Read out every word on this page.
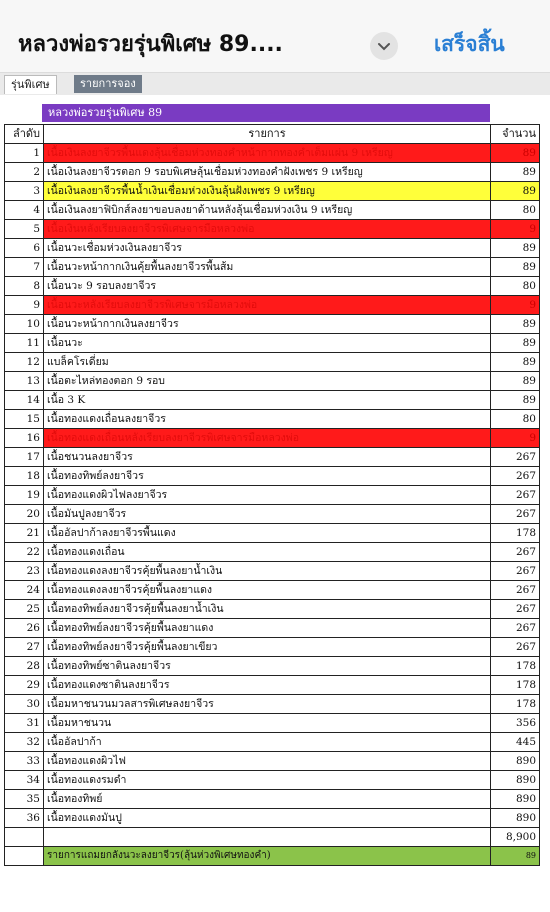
หลวงพ่อรวยรุ่นพิเศษ 89....	เสร็จสิ้น
รุ่นพิเศษ	รายการจอง
หลวงพ่อรวยรุ่นพิเศษ 89
ลำดับ	รายการ	จำนวน
1	เนื้อเงินลงยาจีวรพื้นแดงลุ้นเชื่อมห่วงทองคำหน้ากากทองคำเต็มแผ่น 9 เหรียญ	89
2	เนื้อเงินลงยาจีวรตอก 9 รอบพิเศษลุ้นเชื่อมห่วงทองคำฝังเพชร 9 เหรียญ	89
3	เนื้อเงินลงยาจีวรพื้นน้ำเงินเชื่อมห่วงเงินลุ้นฝังเพชร 9 เหรียญ	89
4	เนื้อเงินลงยาฟิบิกส์ลงยาขอบลงยาด้านหลังลุ้นเชื่อมห่วงเงิน 9 เหรียญ	80
5	เนื้อเงินหลังเรียบลงยาจีวรพิเศษจารมือหลวงพ่อ	9
6	เนื้อนวะเชื่อมห่วงเงินลงยาจีวร	89
7	เนื้อนวะหน้ากากเงินคุ้ยพื้นลงยาจีวรพื้นส้ม	89
8	เนื้อนวะ 9 รอบลงยาจีวร	80
9	เนื้อนวะหลังเรียบลงยาจีวรพิเศษจารมือหลวงพ่อ	9
10	เนื้อนวะหน้ากากเงินลงยาจีวร	89
11	เนื้อนวะ	89
12	แบล็คโรเดี่ยม	89
13	เนื้อตะไหล่ทองตอก 9 รอบ	89
14	เนื้อ 3 K	89
15	เนื้อทองแดงเถื่อนลงยาจีวร	80
16	เนื้อทองแดงเถื่อนหลังเรียบลงยาจีวรพิเศษจารมือหลวงพ่อ	9
17	เนื้อชนวนลงยาจีวร	267
18	เนื้อทองทิพย์ลงยาจีวร	267
19	เนื้อทองแดงผิวไฟลงยาจีวร	267
20	เนื้อมันปูลงยาจีวร	267
21	เนื้ออัลปาก้าลงยาจีวรพื้นแดง	178
22	เนื้อทองแดงเถื่อน	267
23	เนื้อทองแดงลงยาจีวรคุ้ยพื้นลงยาน้ำเงิน	267
24	เนื้อทองแดงลงยาจีวรคุ้ยพื้นลงยาแดง	267
25	เนื้อทองทิพย์ลงยาจีวรคุ้ยพื้นลงยาน้ำเงิน	267
26	เนื้อทองทิพย์ลงยาจีวรคุ้ยพื้นลงยาแดง	267
27	เนื้อทองทิพย์ลงยาจีวรคุ้ยพื้นลงยาเขียว	267
28	เนื้อทองทิพย์ซาตินลงยาจีวร	178
29	เนื้อทองแดงซาตินลงยาจีวร	178
30	เนื้อมหาชนวนมวลสารพิเศษลงยาจีวร	178
31	เนื้อมหาชนวน	356
32	เนื้ออัลปาก้า	445
33	เนื้อทองแดงผิวไฟ	890
34	เนื้อทองแดงรมดำ	890
35	เนื้อทองทิพย์	890
36	เนื้อทองแดงมันปู	890
		8,900
	รายการแถมยกลังนวะลงยาจีวร(ลุ้นห่วงพิเศษทองคำ)	89
